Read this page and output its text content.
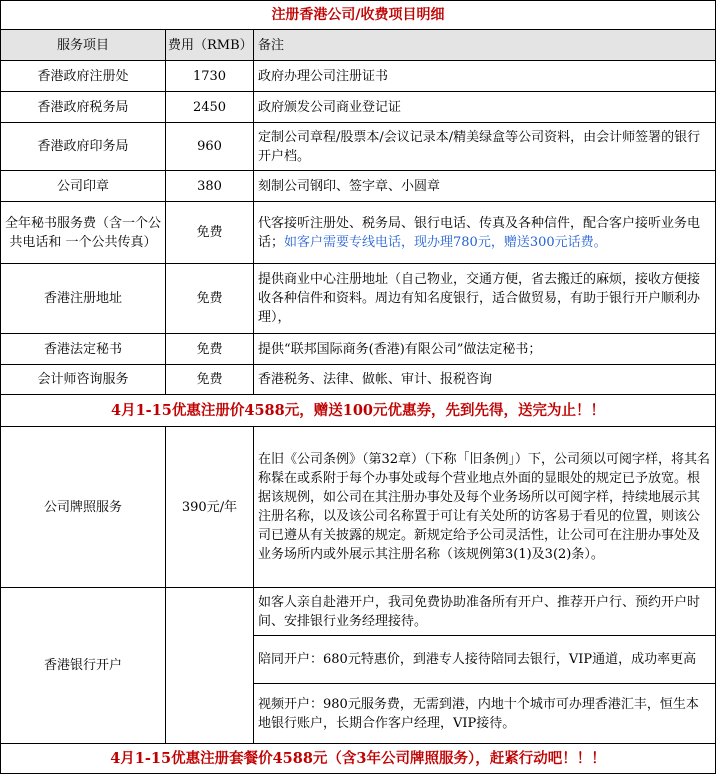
注册香港公司/收费项目明细		
服务项目	费用（RMB）	备注
香港政府注册处	1730	政府办理公司注册证书
香港政府税务局	2450	政府颁发公司商业登记证
香港政府印务局	960	定制公司章程/股票本/会议记录本/精美绿盒等公司资料，由会计师签署的银行开户档。
公司印章	380	刻制公司钢印、签字章、小圆章
全年秘书服务费（含一个公共电话和 一个公共传真）	免费	代客接听注册处、税务局、银行电话、传真及各种信件，配合客户接听业务电话；如客户需要专线电话，现办理780元，赠送300元话费。
香港注册地址	免费	提供商业中心注册地址（自己物业，交通方便，省去搬迁的麻烦，接收方便接收各种信件和资料。周边有知名度银行，适合做贸易，有助于银行开户顺利办理），
香港法定秘书	免费	提供“联邦国际商务(香港)有限公司”做法定秘书；
会计师咨询服务	免费	香港税务、法律、做帐、审计、报税咨询
4月1-15优惠注册价4588元，赠送100元优惠券，先到先得，送完为止！！		
公司牌照服务	390元/年	在旧《公司条例》（第32章）（下称「旧条例」）下，公司须以可阅字样，将其名称髹在或系附于每个办事处或每个营业地点外面的显眼处的规定已予放宽。根据该规例，如公司在其注册办事处及每个业务场所以可阅字样，持续地展示其注册名称，以及该公司名称置于可让有关处所的访客易于看见的位置，则该公司已遵从有关披露的规定。新规定给予公司灵活性，让公司可在注册办事处及业务场所内或外展示其注册名称（该规例第3(1)及3(2)条）。
香港银行开户		如客人亲自赴港开户，我司免费协助准备所有开户、推荐开户行、预约开户时间、安排银行业务经理接待。
		陪同开户：680元特惠价，到港专人接待陪同去银行，VIP通道，成功率更高
		视频开户：980元服务费，无需到港，内地十个城市可办理香港汇丰，恒生本地银行账户，长期合作客户经理，VIP接待。
4月1-15优惠注册套餐价4588元（含3年公司牌照服务），赶紧行动吧！！！		
